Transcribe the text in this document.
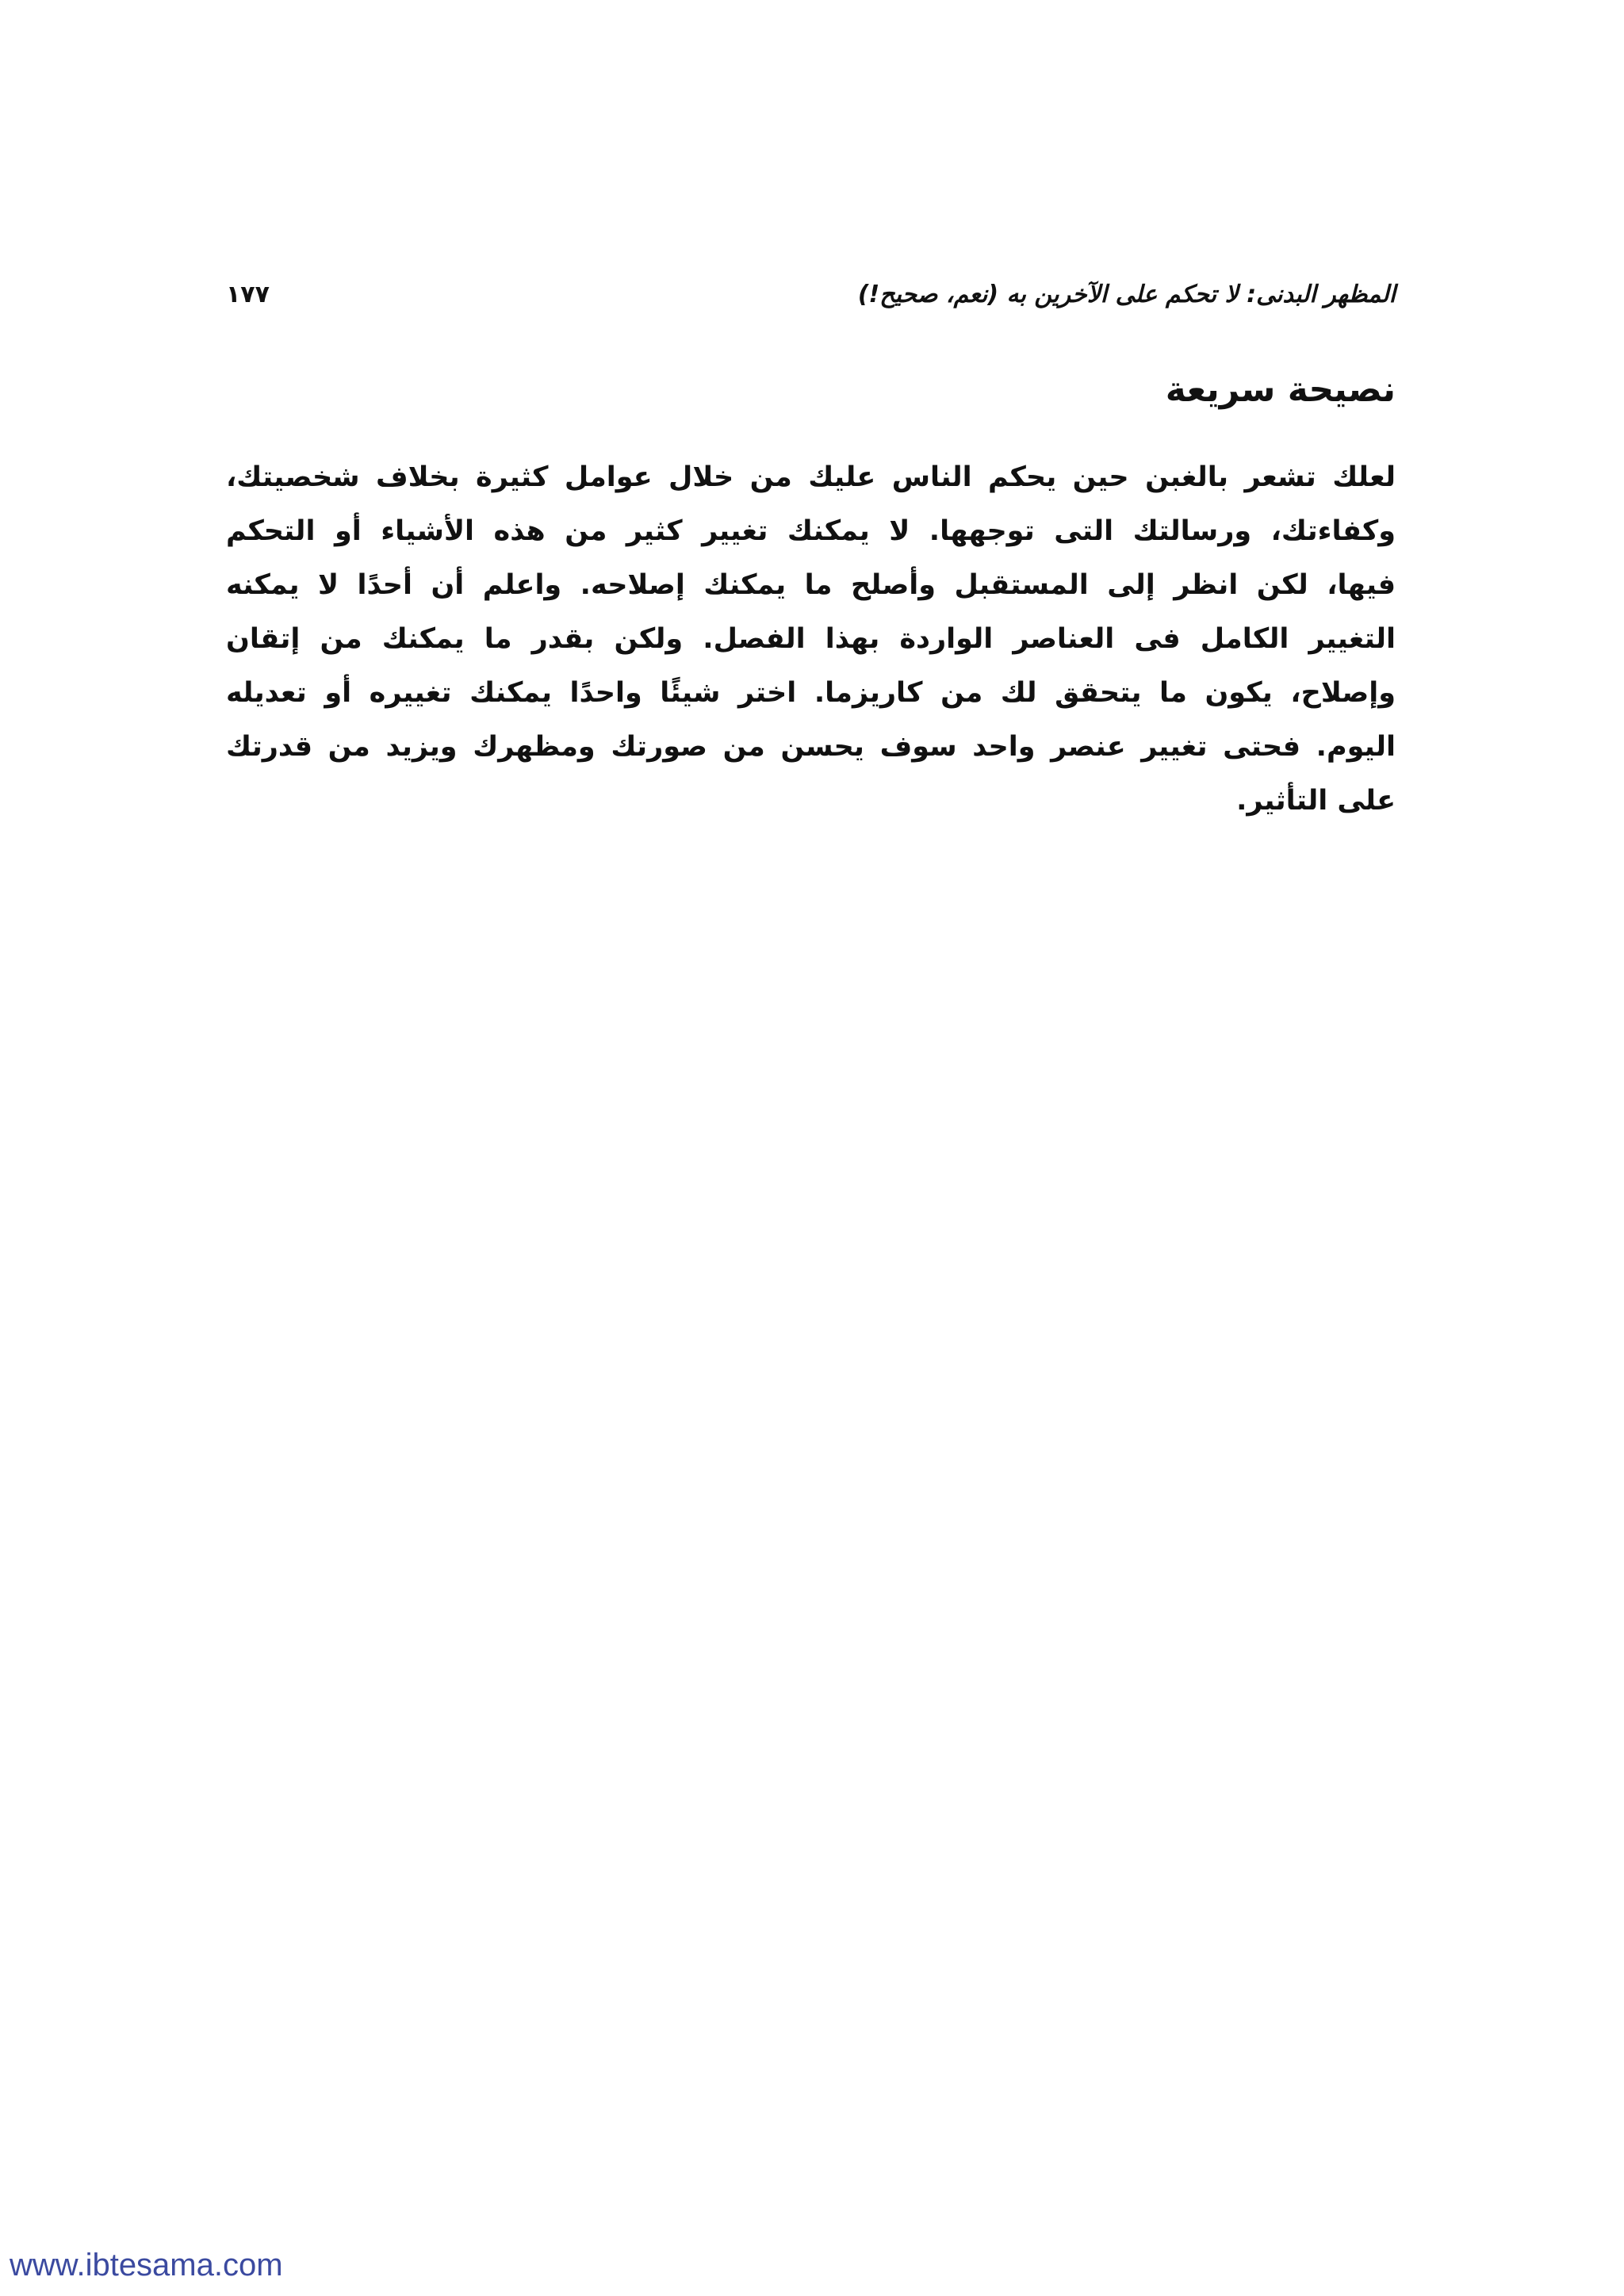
المظهر البدنى: لا تحكم على الآخرين به (نعم، صحيح!)
١٧٧
نصيحة سريعة
لعلك تشعر بالغبن حين يحكم الناس عليك من خلال عوامل كثيرة بخلاف شخصيتك،
وكفاءتك، ورسالتك التى توجهها. لا يمكنك تغيير كثير من هذه الأشياء أو التحكم
فيها، لكن انظر إلى المستقبل وأصلح ما يمكنك إصلاحه. واعلم أن أحدًا لا يمكنه
التغيير الكامل فى العناصر الواردة بهذا الفصل. ولكن بقدر ما يمكنك من إتقان
وإصلاح، يكون ما يتحقق لك من كاريزما. اختر شيئًا واحدًا يمكنك تغييره أو تعديله
اليوم. فحتى تغيير عنصر واحد سوف يحسن من صورتك ومظهرك ويزيد من قدرتك
على التأثير.
www.ibtesama.com
